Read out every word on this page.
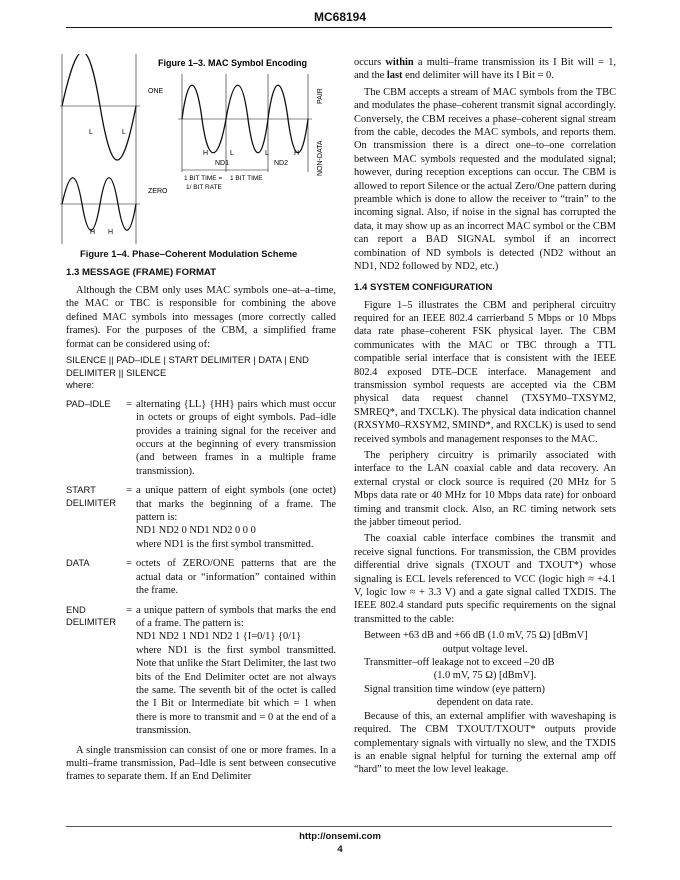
MC68194
ONE
ZERO
L	L
H H
Figure 1–3. MAC Symbol Encoding
H	L	L	H
ND1	ND2	NON-DATA
PAIR
1 BIT TIME =
1/ BIT RATE
1 BIT TIME
Figure 1–4. Phase–Coherent Modulation Scheme
1.3 MESSAGE (FRAME) FORMAT

Although the CBM only uses MAC symbols one–at–a–time, the MAC or TBC is responsible for combining the above defined MAC symbols into messages (more correctly called frames). For the purposes of the CBM, a simplified frame format can be considered using of:

SILENCE || PAD–IDLE | START DELIMITER | DATA | END DELIMITER || SILENCE
where:
PAD–IDLE	= alternating {LL} {HH} pairs which must occur in octets or groups of eight symbols. Pad–idle provides a training signal for the receiver and occurs at the beginning of every transmission (and between frames in a multiple frame transmission).
START
DELIMITER
= a unique pattern of eight symbols (one octet) that marks the beginning of a frame. The pattern is:
ND1 ND2 0 ND1 ND2 0 0 0
where ND1 is the first symbol transmitted.
DATA	= octets of ZERO/ONE patterns that are the actual data or “information” contained within the frame.
END
DELIMITER
= a unique pattern of symbols that marks the end of a frame. The pattern is:
ND1 ND2 1 ND1 ND2 1 {I=0/1} {0/1}
where ND1 is the first symbol transmitted. Note that unlike the Start Delimiter, the last two bits of the End Delimiter octet are not always the same. The seventh bit of the octet is called the I Bit or Intermediate bit which = 1 when there is more to transmit and = 0 at the end of a transmission.

A single transmission can consist of one or more frames. In a multi–frame transmission, Pad–Idle is sent between consecutive frames to separate them. If an End Delimiter

occurs within a multi–frame transmission its I Bit will = 1, and the last end delimiter will have its I Bit = 0.

The CBM accepts a stream of MAC symbols from the TBC and modulates the phase–coherent transmit signal accordingly. Conversely, the CBM receives a phase–coherent signal stream from the cable, decodes the MAC symbols, and reports them. On transmission there is a direct one–to–one correlation between MAC symbols requested and the modulated signal; however, during reception exceptions can occur. The CBM is allowed to report Silence or the actual Zero/One pattern during preamble which is done to allow the receiver to “train” to the incoming signal. Also, if noise in the signal has corrupted the data, it may show up as an incorrect MAC symbol or the CBM can report a BAD SIGNAL symbol if an incorrect combination of ND symbols is detected (ND2 without an ND1, ND2 followed by ND2, etc.)

1.4 SYSTEM CONFIGURATION

Figure 1–5 illustrates the CBM and peripheral circuitry required for an IEEE 802.4 carrierband 5 Mbps or 10 Mbps data rate phase–coherent FSK physical layer. The CBM communicates with the MAC or TBC through a TTL compatible serial interface that is consistent with the IEEE 802.4 exposed DTE–DCE interface. Management and transmission symbol requests are accepted via the CBM physical data request channel (TXSYM0–TXSYM2, SMREQ*, and TXCLK). The physical data indication channel (RXSYM0–RXSYM2, SMIND*, and RXCLK) is used to send received symbols and management responses to the MAC.

The periphery circuitry is primarily associated with interface to the LAN coaxial cable and data recovery. An external crystal or clock source is required (20 MHz for 5 Mbps data rate or 40 MHz for 10 Mbps data rate) for onboard timing and transmit clock. Also, an RC timing network sets the jabber timeout period.

The coaxial cable interface combines the transmit and receive signal functions. For transmission, the CBM provides differential drive signals (TXOUT and TXOUT*) whose signaling is ECL levels referenced to VCC (logic high ≈ +4.1 V, logic low ≈ + 3.3 V) and a gate signal called TXDIS. The IEEE 802.4 standard puts specific requirements on the signal transmitted to the cable:

Between +63 dB and +66 dB (1.0 mV, 75 Ω) [dBmV]
output voltage level.
Transmitter–off leakage not to exceed –20 dB
(1.0 mV, 75 Ω) [dBmV].
Signal transition time window (eye pattern)
dependent on data rate.

Because of this, an external amplifier with waveshaping is required. The CBM TXOUT/TXOUT* outputs provide complementary signals with virtually no slew, and the TXDIS is an enable signal helpful for turning the external amp off “hard” to meet the low level leakage.

http://onsemi.com
4
